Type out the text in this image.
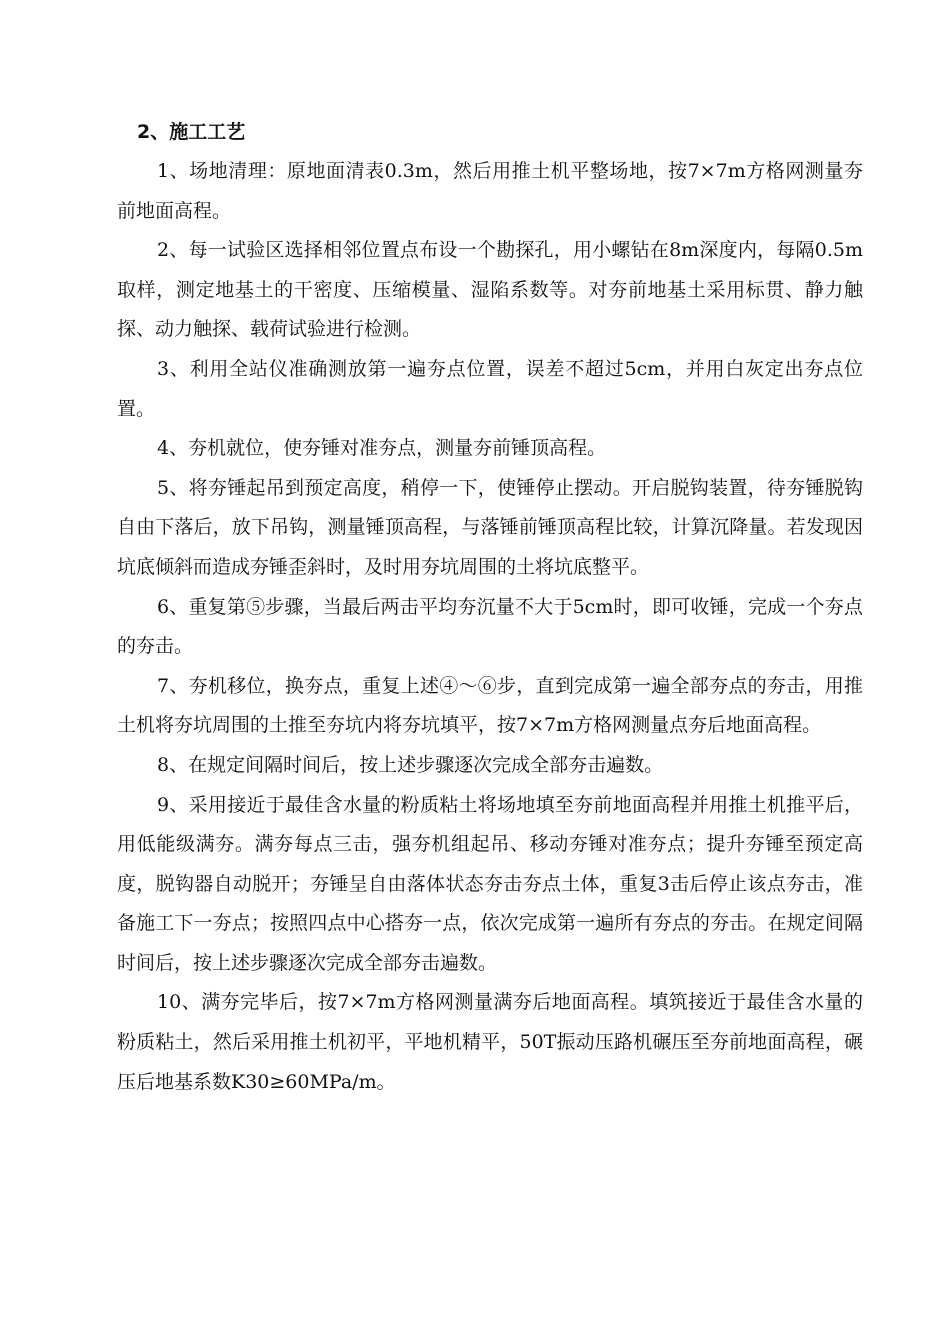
2、施工工艺

1、场地清理：原地面清表0.3m，然后用推土机平整场地，按7×7m方格网测量夯前地面高程。

2、每一试验区选择相邻位置点布设一个勘探孔，用小螺钻在8m深度内，每隔0.5m取样，测定地基土的干密度、压缩模量、湿陷系数等。对夯前地基土采用标贯、静力触探、动力触探、载荷试验进行检测。

3、利用全站仪准确测放第一遍夯点位置，误差不超过5cm，并用白灰定出夯点位置。

4、夯机就位，使夯锤对准夯点，测量夯前锤顶高程。

5、将夯锤起吊到预定高度，稍停一下，使锤停止摆动。开启脱钩装置，待夯锤脱钩自由下落后，放下吊钩，测量锤顶高程，与落锤前锤顶高程比较，计算沉降量。若发现因坑底倾斜而造成夯锤歪斜时，及时用夯坑周围的土将坑底整平。

6、重复第⑤步骤，当最后两击平均夯沉量不大于5cm时，即可收锤，完成一个夯点的夯击。

7、夯机移位，换夯点，重复上述④～⑥步，直到完成第一遍全部夯点的夯击，用推土机将夯坑周围的土推至夯坑内将夯坑填平，按7×7m方格网测量点夯后地面高程。

8、在规定间隔时间后，按上述步骤逐次完成全部夯击遍数。

9、采用接近于最佳含水量的粉质粘土将场地填至夯前地面高程并用推土机推平后，用低能级满夯。满夯每点三击，强夯机组起吊、移动夯锤对准夯点；提升夯锤至预定高度，脱钩器自动脱开；夯锤呈自由落体状态夯击夯点土体，重复3击后停止该点夯击，准备施工下一夯点；按照四点中心搭夯一点，依次完成第一遍所有夯点的夯击。在规定间隔时间后，按上述步骤逐次完成全部夯击遍数。

10、满夯完毕后，按7×7m方格网测量满夯后地面高程。填筑接近于最佳含水量的粉质粘土，然后采用推土机初平，平地机精平，50T振动压路机碾压至夯前地面高程，碾压后地基系数K30≥60MPa/m。
